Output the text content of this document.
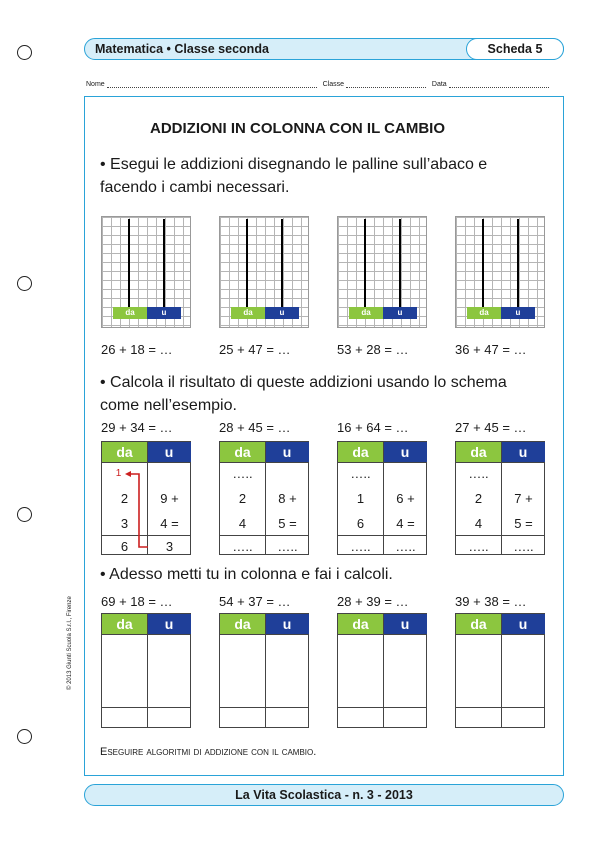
Matematica • Classe seconda	Scheda 5
Nome	Classe	Data
ADDIZIONI IN COLONNA CON IL CAMBIO
• Esegui le addizioni disegnando le palline sull’abaco e facendo i cambi necessari.
da	u
26 + 18 = …
da	u
25 + 47 = …
da	u
53 + 28 = …
da	u
36 + 47 = …
• Calcola il risultato di queste addizioni usando lo schema come nell’esempio.
29 + 34 = …
da	u
1
2	9 +
3	4 =
6	3
28 + 45 = …
da	u
…..
2	8 +
4	5 =
…..	…..
16 + 64 = …
da	u
…..
1	6 +
6	4 =
…..	…..
27 + 45 = …
da	u
…..
2	7 +
4	5 =
…..	…..
• Adesso metti tu in colonna e fai i calcoli.
69 + 18 = …
da	u
54 + 37 = …
da	u
28 + 39 = …
da	u
39 + 38 = …
da	u
Eseguire algoritmi di addizione con il cambio.
La Vita Scolastica - n. 3 - 2013
© 2013 Giunti Scuola S.r.l., Firenze
